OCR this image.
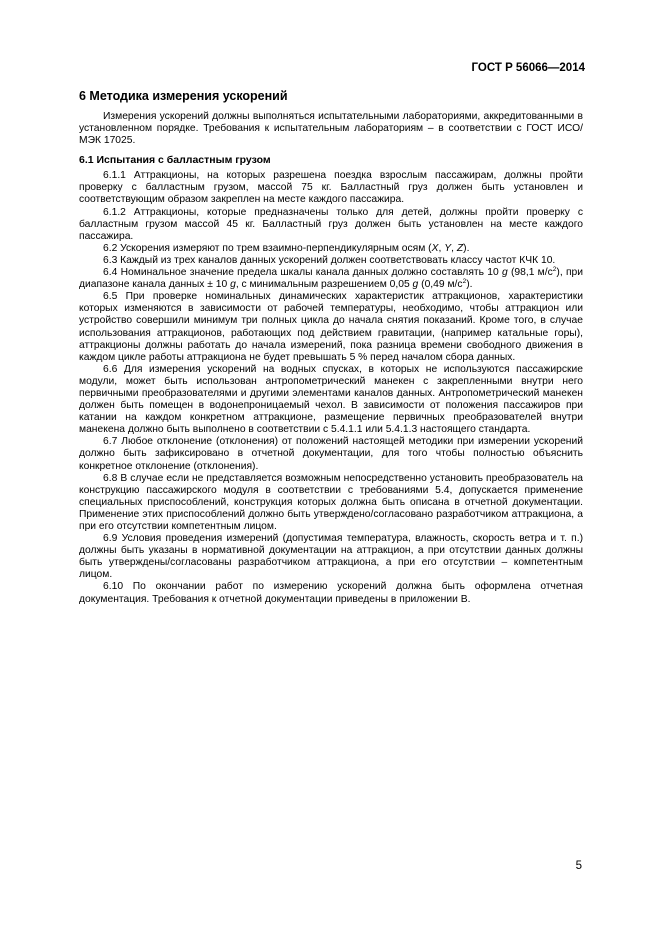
ГОСТ Р 56066—2014
6 Методика измерения ускорений

Измерения ускорений должны выполняться испытательными лабораториями, аккредитованными в установленном порядке. Требования к испытательным лабораториям – в соответствии с ГОСТ ИСО/МЭК 17025.

6.1 Испытания с балластным грузом

6.1.1 Аттракционы, на которых разрешена поездка взрослым пассажирам, должны пройти проверку с балластным грузом, массой 75 кг. Балластный груз должен быть установлен и соответствующим образом закреплен на месте каждого пассажира.

6.1.2 Аттракционы, которые предназначены только для детей, должны пройти проверку с балластным грузом массой 45 кг. Балластный груз должен быть установлен на месте каждого пассажира.

6.2 Ускорения измеряют по трем взаимно-перпендикулярным осям (X, Y, Z).

6.3 Каждый из трех каналов данных ускорений должен соответствовать классу частот КЧК 10.

6.4 Номинальное значение предела шкалы канала данных должно составлять 10 g (98,1 $м/с^2$), при диапазоне канала данных ± 10 g, с минимальным разрешением 0,05 g (0,49 $м/с^2$).

6.5 При проверке номинальных динамических характеристик аттракционов, характеристики которых изменяются в зависимости от рабочей температуры, необходимо, чтобы аттракцион или устройство совершили минимум три полных цикла до начала снятия показаний. Кроме того, в случае использования аттракционов, работающих под действием гравитации, (например катальные горы), аттракционы должны работать до начала измерений, пока разница времени свободного движения в каждом цикле работы аттракциона не будет превышать 5 % перед началом сбора данных.

6.6 Для измерения ускорений на водных спусках, в которых не используются пассажирские модули, может быть использован антропометрический манекен с закрепленными внутри него первичными преобразователями и другими элементами каналов данных. Антропометрический манекен должен быть помещен в водонепроницаемый чехол. В зависимости от положения пассажиров при катании на каждом конкретном аттракционе, размещение первичных преобразователей внутри манекена должно быть выполнено в соответствии с 5.4.1.1 или 5.4.1.3 настоящего стандарта.

6.7 Любое отклонение (отклонения) от положений настоящей методики при измерении ускорений должно быть зафиксировано в отчетной документации, для того чтобы полностью объяснить конкретное отклонение (отклонения).

6.8 В случае если не представляется возможным непосредственно установить преобразователь на конструкцию пассажирского модуля в соответствии с требованиями 5.4, допускается применение специальных приспособлений, конструкция которых должна быть описана в отчетной документации. Применение этих приспособлений должно быть утверждено/согласовано разработчиком аттракциона, а при его отсутствии компетентным лицом.

6.9 Условия проведения измерений (допустимая температура, влажность, скорость ветра и т. п.) должны быть указаны в нормативной документации на аттракцион, а при отсутствии данных должны быть утверждены/согласованы разработчиком аттракциона, а при его отсутствии – компетентным лицом.

6.10 По окончании работ по измерению ускорений должна быть оформлена отчетная документация. Требования к отчетной документации приведены в приложении В.

5
